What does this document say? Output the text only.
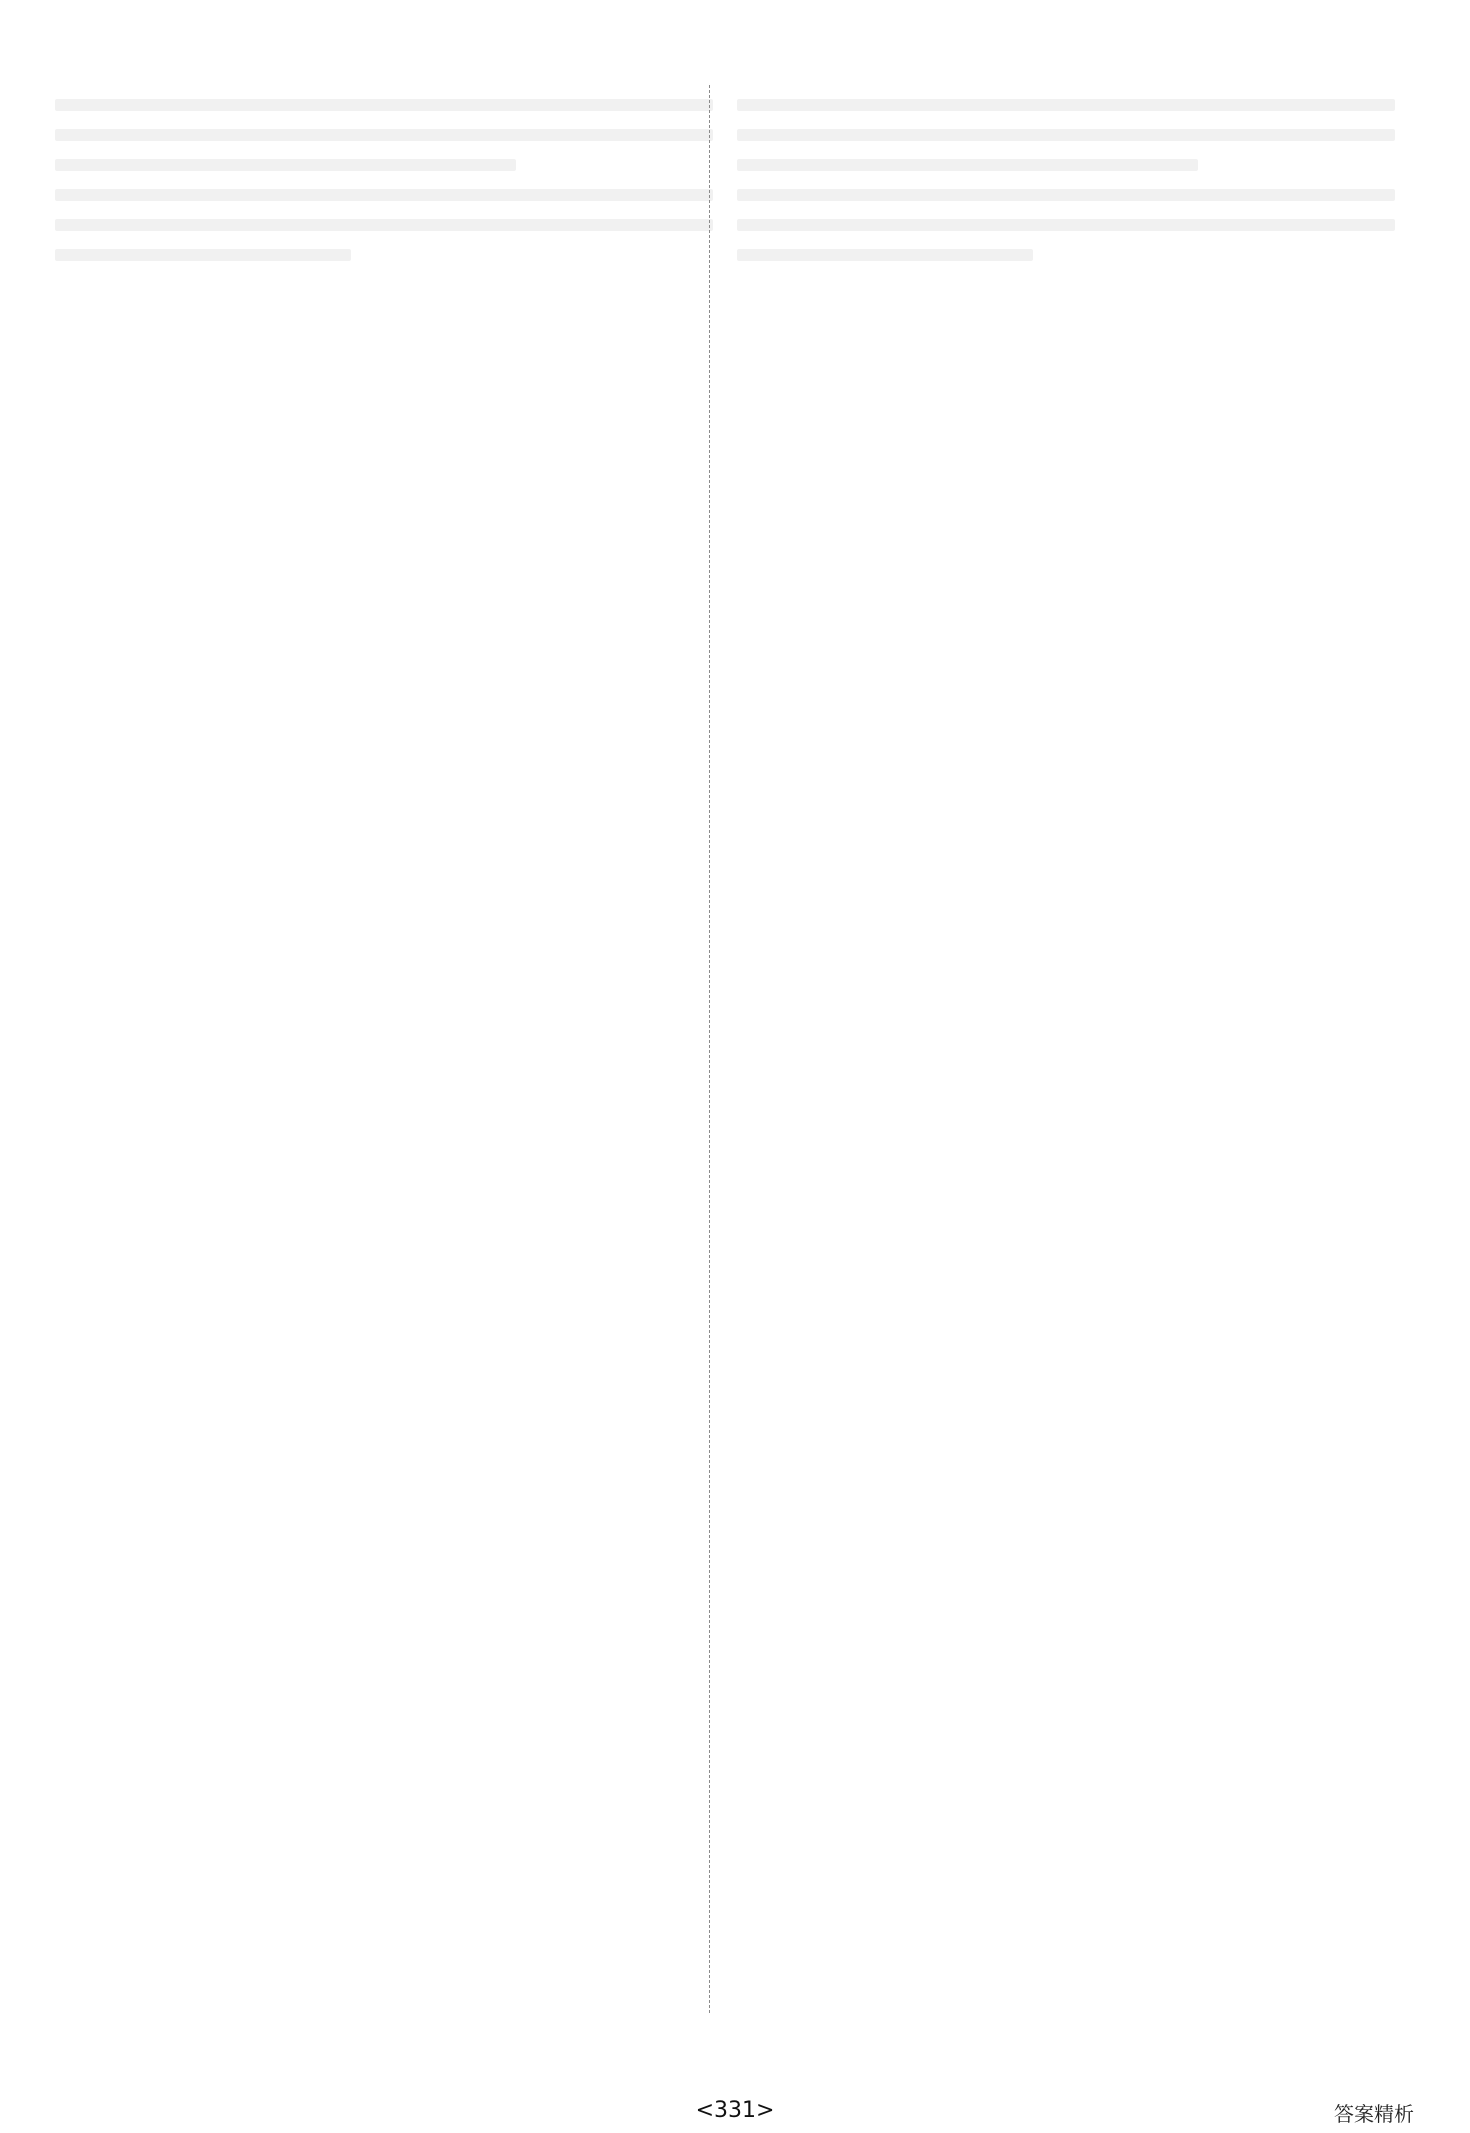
<331>	答案精析
